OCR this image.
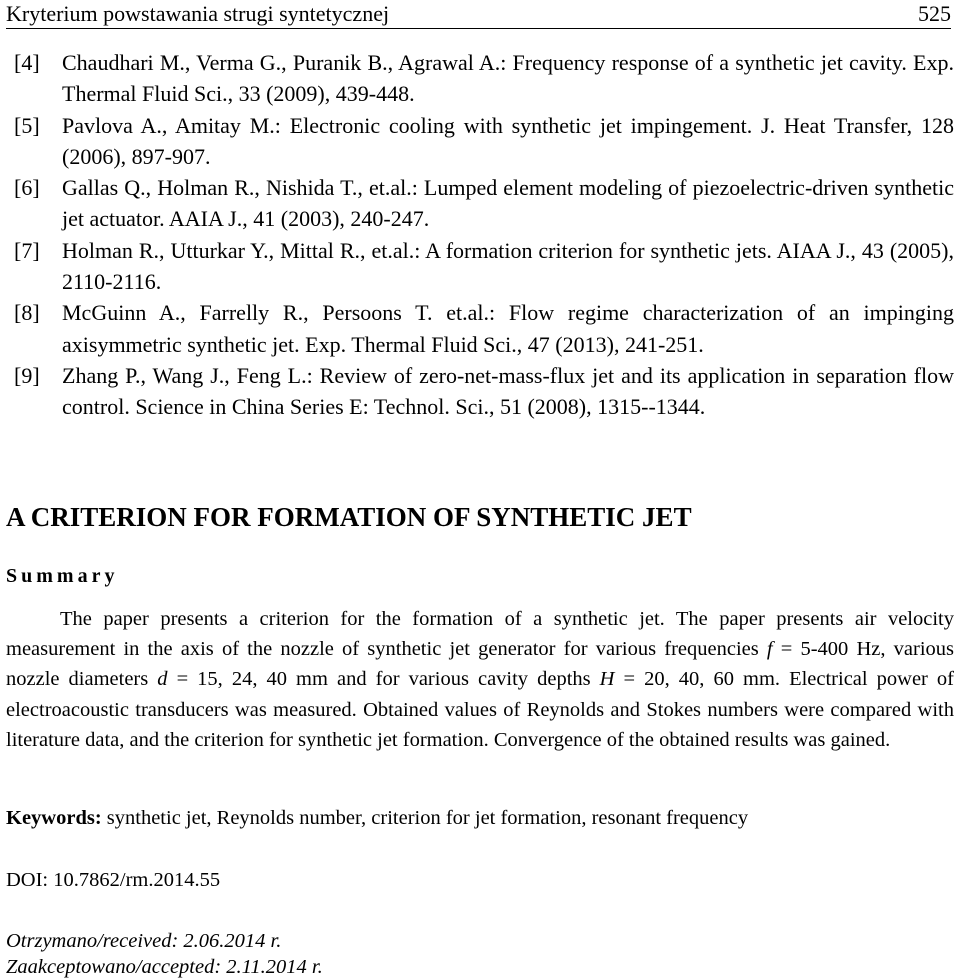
Kryterium powstawania strugi syntetycznej	525
[4] Chaudhari M., Verma G., Puranik B., Agrawal A.: Frequency response of a synthetic jet cavity. Exp. Thermal Fluid Sci., 33 (2009), 439-448.
[5] Pavlova A., Amitay M.: Electronic cooling with synthetic jet impingement. J. Heat Transfer, 128 (2006), 897-907.
[6] Gallas Q., Holman R., Nishida T., et.al.: Lumped element modeling of piezoelectric-driven synthetic jet actuator. AAIA J., 41 (2003), 240-247.
[7] Holman R., Utturkar Y., Mittal R., et.al.: A formation criterion for synthetic jets. AIAA J., 43 (2005), 2110-2116.
[8] McGuinn A., Farrelly R., Persoons T. et.al.: Flow regime characterization of an impinging axisymmetric synthetic jet. Exp. Thermal Fluid Sci., 47 (2013), 241-251.
[9] Zhang P., Wang J., Feng L.: Review of zero-net-mass-flux jet and its application in separation flow control. Science in China Series E: Technol. Sci., 51 (2008), 1315--1344.
A CRITERION FOR FORMATION OF SYNTHETIC JET
Summary
The paper presents a criterion for the formation of a synthetic jet. The paper presents air velocity measurement in the axis of the nozzle of synthetic jet generator for various frequencies f = 5-400 Hz, various nozzle diameters d = 15, 24, 40 mm and for various cavity depths H = 20, 40, 60 mm. Electrical power of electroacoustic transducers was measured. Obtained values of Reynolds and Stokes numbers were compared with literature data, and the criterion for synthetic jet formation. Convergence of the obtained results was gained.
Keywords: synthetic jet, Reynolds number, criterion for jet formation, resonant frequency
DOI: 10.7862/rm.2014.55
Otrzymano/received: 2.06.2014 r.
Zaakceptowano/accepted: 2.11.2014 r.
